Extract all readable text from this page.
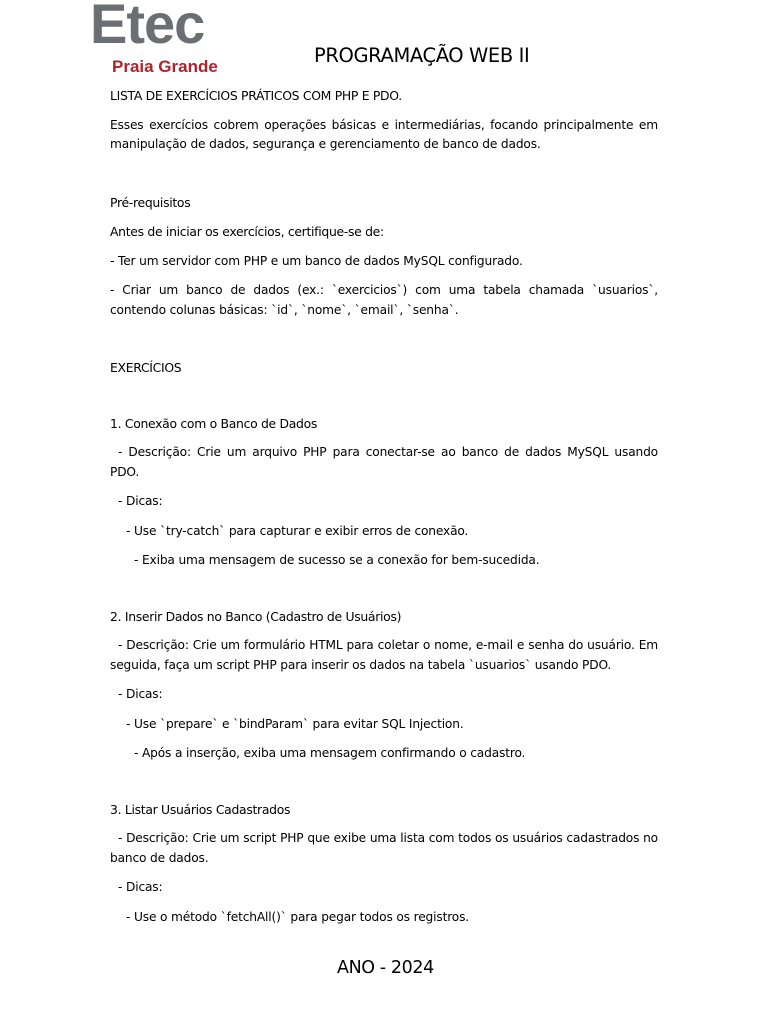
Etec
Praia Grande	PROGRAMAÇÃO WEB II
LISTA DE EXERCÍCIOS PRÁTICOS COM PHP E PDO.
Esses exercícios cobrem operações básicas e intermediárias, focando principalmente em manipulação de dados, segurança e gerenciamento de banco de dados.
Pré-requisitos
Antes de iniciar os exercícios, certifique-se de:
- Ter um servidor com PHP e um banco de dados MySQL configurado.
- Criar um banco de dados (ex.: `exercicios`) com uma tabela chamada `usuarios`, contendo colunas básicas: `id`, `nome`, `email`, `senha`.
EXERCÍCIOS
1. Conexão com o Banco de Dados
- Descrição: Crie um arquivo PHP para conectar-se ao banco de dados MySQL usando PDO.
- Dicas:
- Use `try-catch` para capturar e exibir erros de conexão.
- Exiba uma mensagem de sucesso se a conexão for bem-sucedida.
2. Inserir Dados no Banco (Cadastro de Usuários)
- Descrição: Crie um formulário HTML para coletar o nome, e-mail e senha do usuário. Em seguida, faça um script PHP para inserir os dados na tabela `usuarios` usando PDO.
- Dicas:
- Use `prepare` e `bindParam` para evitar SQL Injection.
- Após a inserção, exiba uma mensagem confirmando o cadastro.
3. Listar Usuários Cadastrados
- Descrição: Crie um script PHP que exibe uma lista com todos os usuários cadastrados no banco de dados.
- Dicas:
- Use o método `fetchAll()` para pegar todos os registros.
ANO - 2024
